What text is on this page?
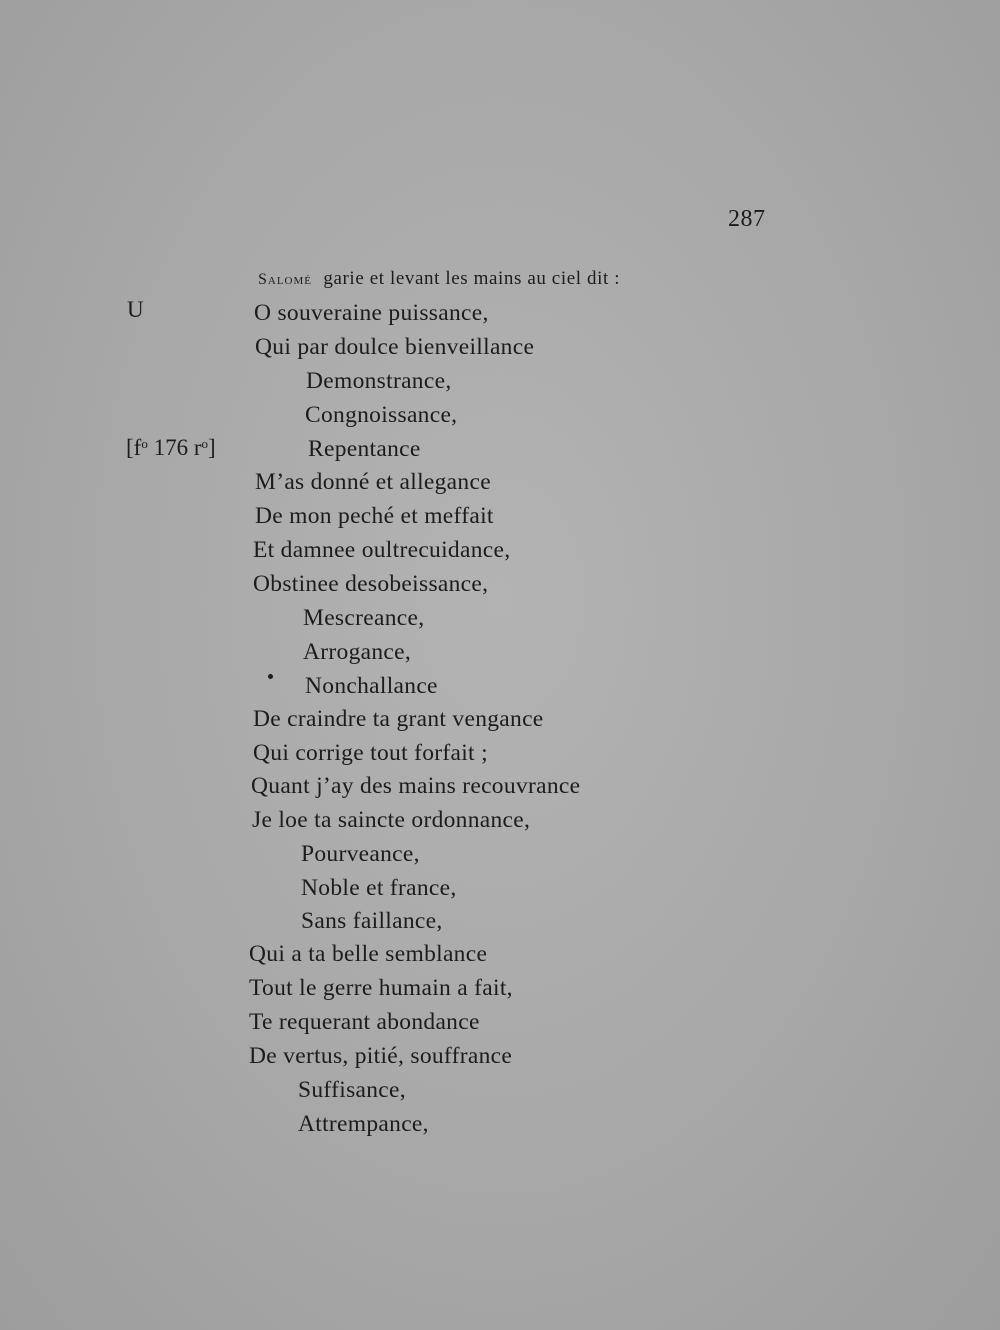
287
Salomé garie et levant les mains au ciel dit :
U
[$f^o$ 176 $r^o$]
O souveraine puissance,
Qui par doulce bienveillance
Demonstrance,
Congnoissance,
Repentance
M’as donné et allegance
De mon peché et meffait
Et damnee oultrecuidance,
Obstinee desobeissance,
Mescreance,
Arrogance,
Nonchallance
De craindre ta grant vengance
Qui corrige tout forfait ;
Quant j’ay des mains recouvrance
Je loe ta saincte ordonnance,
Pourveance,
Noble et france,
Sans faillance,
Qui a ta belle semblance
Tout le gerre humain a fait,
Te requerant abondance
De vertus, pitié, souffrance
Suffisance,
Attrempance,
